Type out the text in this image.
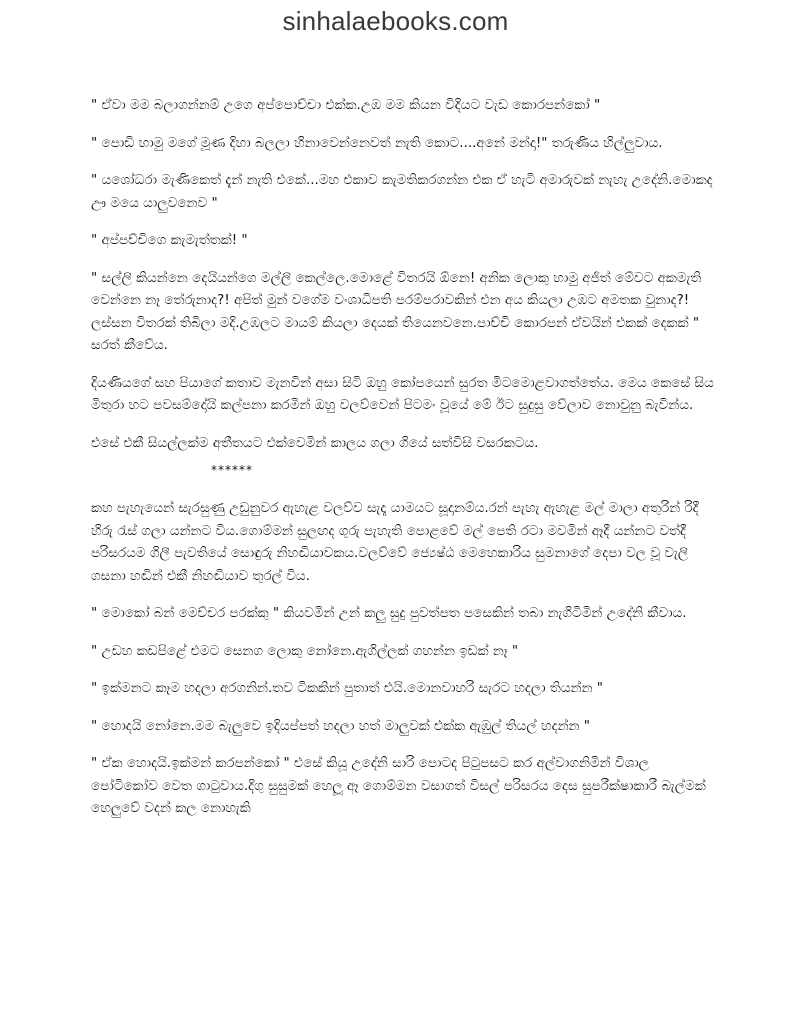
sinhalaebooks.com

" ඒවා මම බලාගන්නම් උගෙ අප්පොච්චා එක්ක.උඹ මම කියන විදියට වැඩ කොරපන්කෝ "

" පොඩි හාමු මගේ මූණ දිහා බලලා හිනාවෙන්නෙවත් නැති කොට....අනේ මන්දා!" තරුණිය හිල්ලුවාය.

" යශෝධරා මැණිකෙත් දැන් නැති එකේ...මහ එකාව කැමතිකරගන්න එක ඒ හැටි අමාරුවක් නැහැ උදේනි.මොකද ඌ මයෙ යාලුවනෙව "

" අප්පච්චිගෙ කැමැත්තක්! "

" සල්ලි කියන්නෙ දෙයියන්ගෙ මල්ලි කෙල්ලෙ.මොළේ විතරයි ඕනෙ! අනික ලොකු හාමු අජිත් මේවට අකමැති වෙන්නෙ නෑ තේරුනාද?! අපිත් මුන් වගේම වංශාධිපති පරම්පරාවකින් එන අය කියලා උඹට අමතක වුනාද?! ලස්සන විතරක් තිබිලා මදි.උඹලට මායම් කියලා දෙයක් තියෙනවනෙ.පාච්චි කොරපන් ඒවයින් එකක් දෙකක් " සරත් කීවේය.

දියණියගේ සහ පියාගේ කතාව මැනවින් අසා සිටි ඔහු කෝපයෙන් සුරත මිටමොළවාගත්තේය. මෙය කෙසේ සිය මිතුරා හට පවසම්දෝයි කල්පනා කරමින් ඔහු වලව්වෙන් පිටමං වූයේ මේ ඊට සුදුසු වේලාව නොවුනු බැවින්ය.

එසේ එකී සියල්ලක්ම අතීතයට එක්වෙමින් කාලය ගලා ගියේ සත්විසි වසරකටය.

******

කහ පැහැයෙන් සැරසුණු උඩුනුවර ඇහැළ වලව්ව සැදෑ යාමයට සූදානම්ය.රන් පැහැ ඇහැළ මල් මාලා අතුරින් රිදී හිරු රැස් ගලා යන්නට විය.ගොම්මන් සුලඟද ගුරු පැහැති පොළවේ මල් පෙති රටා මවමින් ඈදී යන්නට වත්දී පරිසරයම ගිලී පැවතියේ සොඳුරු නිහඬියාවකය.වලව්වේ ජ්‍යෙෂ්ඨ මෙහෙකාරිය සුමනාගේ දෙපා වල වූ වැලි ගසනා හඬින් එකී නිහඬියාව තුරල් විය.

" මොකෝ බන් මෙච්චර පරක්කු " කියවමින් උන් කලු සුදු පුවත්පත පසෙකින් තබා නැගිටිමින් උදේනි කීවාය.

" උඩහ කඩපිළේ එමට සෙනග ලොකු නෝනෙ.ඇගිල්ලක් ගහන්න ඉඩක් නෑ "

" ඉක්මනට කෑම හදලා අරගනින්.තව ටිකකින් පුතාත් එයි.මොනවාහරි සැරට හදලා තියන්න "

" හොදයි නෝනෙ.මම බැලුවෙ ඉදියප්පත් හදලා හත් මාලුවක් එක්ක ඇඹුල් තියල් හදන්න "

" ඒක හොදයි.ඉක්මන් කරපන්කෝ " එසේ කියූ උදේනි සාරි පොටද පිටුපසට කර අල්වාගනිමින් විශාල පෝටිකෝව වෙත ගාටුවාය.දිගු සුසුමක් හෙලූ ඈ ගොම්මන වසාගත් විසල් පරිසරය දෙස සුපරීක්ෂාකාරී බැල්මක් හෙලුවේ වදන් කල නොහැකි
